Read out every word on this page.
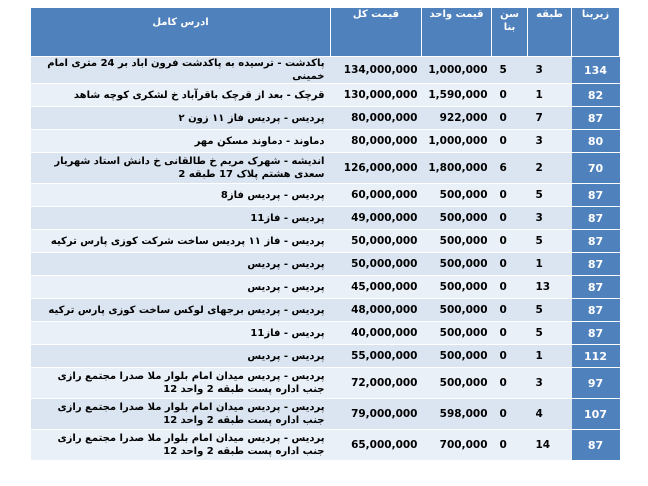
زیربنا	طبقه	سن بنا	قیمت واحد	قیمت کل	ادرس کامل
134	3	5	1,000,000	134,000,000	پاکدشت - ترسیده به پاکدشت فرون اباد بر 24 متری امام خمینی
82	1	0	1,590,000	130,000,000	قرچک - بعد از قرچک باقرآباد خ لشکری کوچه شاهد
87	7	0	922,000	80,000,000	پردیس - پردیس فاز ۱۱ زون ۲
80	3	0	1,000,000	80,000,000	دماوند - دماوند مسکن مهر
70	2	6	1,800,000	126,000,000	اندیشه - شهرک مریم خ طالقانی خ دانش استاد شهریار سعدی هشتم پلاک 17 طبقه 2
87	5	0	500,000	60,000,000	پردیس - پردیس فاز8
87	3	0	500,000	49,000,000	پردیس - فاز11
87	5	0	500,000	50,000,000	پردیس - فاز ۱۱ پردیس ساخت شرکت کوزی پارس ترکیه
87	1	0	500,000	50,000,000	پردیس - پردیس
87	13	0	500,000	45,000,000	پردیس - پردیس
87	5	0	500,000	48,000,000	پردیس - پردیس برجهای لوکس ساخت کوزی پارس ترکیه
87	5	0	500,000	40,000,000	پردیس - فاز11
112	1	0	500,000	55,000,000	پردیس - پردیس
97	3	0	500,000	72,000,000	پردیس - پردیس میدان امام بلوار ملا صدرا مجتمع رازی جنب اداره پست طبقه 2 واحد 12
107	4	0	598,000	79,000,000	پردیس - پردیس میدان امام بلوار ملا صدرا مجتمع رازی جنب اداره پست طبقه 2 واحد 12
87	14	0	700,000	65,000,000	پردیس - پردیس میدان امام بلوار ملا صدرا مجتمع رازی جنب اداره پست طبقه 2 واحد 12
